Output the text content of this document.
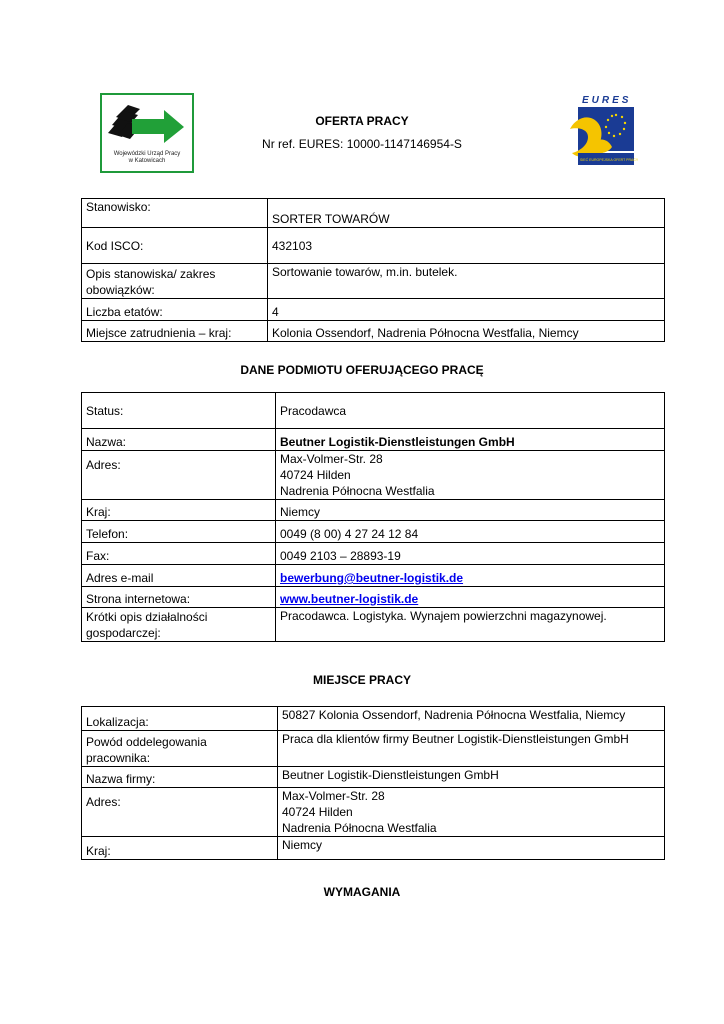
Wojewódzki Urząd Pracy
w Katowicach
EURES
SIEĆ EUROPEJSKA OFERT PRACY
OFERTA PRACY
Nr ref. EURES: 10000-1147146954-S
Stanowisko:	SORTER TOWARÓW
Kod ISCO:	432103
Opis stanowiska/ zakres obowiązków:	Sortowanie towarów, m.in. butelek.
Liczba etatów:	4
Miejsce zatrudnienia – kraj:	Kolonia Ossendorf, Nadrenia Północna Westfalia, Niemcy
DANE PODMIOTU OFERUJĄCEGO PRACĘ
Status:	Pracodawca
Nazwa:	Beutner Logistik-Dienstleistungen GmbH
Adres:	Max-Volmer-Str. 28
40724 Hilden
Nadrenia Północna Westfalia

Kraj:	Niemcy
Telefon:	0049 (8 00) 4 27 24 12 84
Fax:	0049 2103 – 28893-19
Adres e-mail	bewerbung@beutner-logistik.de
Strona internetowa:	www.beutner-logistik.de
Krótki opis działalności gospodarczej:	Pracodawca. Logistyka. Wynajem powierzchni magazynowej.
MIEJSCE PRACY
Lokalizacja:	50827 Kolonia Ossendorf, Nadrenia Północna Westfalia, Niemcy
Powód oddelegowania pracownika:	Praca dla klientów firmy Beutner Logistik-Dienstleistungen GmbH
Nazwa firmy:	Beutner Logistik-Dienstleistungen GmbH
Adres:	Max-Volmer-Str. 28
40724 Hilden
Nadrenia Północna Westfalia

Kraj:	Niemcy
WYMAGANIA
